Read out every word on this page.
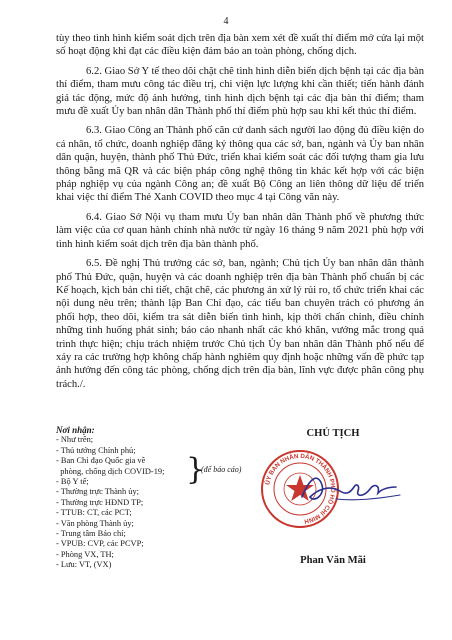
4

tùy theo tình hình kiểm soát dịch trên địa bàn xem xét đề xuất thí điểm mở cửa lại một số hoạt động khi đạt các điều kiện đảm bảo an toàn phòng, chống dịch.

6.2. Giao Sở Y tế theo dõi chặt chẽ tình hình diễn biến dịch bệnh tại các địa bàn thí điểm, tham mưu công tác điều trị, chi viện lực lượng khi cần thiết; tiến hành đánh giá tác động, mức độ ảnh hưởng, tình hình dịch bệnh tại các địa bàn thí điểm; tham mưu đề xuất Ủy ban nhân dân Thành phố thí điểm phù hợp sau khi kết thúc thí điểm.

6.3. Giao Công an Thành phố căn cứ danh sách người lao động đủ điều kiện do cá nhân, tổ chức, doanh nghiệp đăng ký thông qua các sở, ban, ngành và Ủy ban nhân dân quận, huyện, thành phố Thủ Đức, triển khai kiểm soát các đối tượng tham gia lưu thông bằng mã QR và các biện pháp công nghệ thông tin khác kết hợp với các biện pháp nghiệp vụ của ngành Công an; đề xuất Bộ Công an liên thông dữ liệu để triển khai việc thí điểm Thẻ Xanh COVID theo mục 4 tại Công văn này.

6.4. Giao Sở Nội vụ tham mưu Ủy ban nhân dân Thành phố về phương thức làm việc của cơ quan hành chính nhà nước từ ngày 16 tháng 9 năm 2021 phù hợp với tình hình kiểm soát dịch trên địa bàn thành phố.

6.5. Đề nghị Thủ trưởng các sở, ban, ngành; Chủ tịch Ủy ban nhân dân thành phố Thủ Đức, quận, huyện và các doanh nghiệp trên địa bàn Thành phố chuẩn bị các Kế hoạch, kịch bản chi tiết, chặt chẽ, các phương án xử lý rủi ro, tổ chức triển khai các nội dung nêu trên; thành lập Ban Chỉ đạo, các tiểu ban chuyên trách có phương án phối hợp, theo dõi, kiểm tra sát diễn biến tình hình, kịp thời chấn chỉnh, điều chỉnh những tình huống phát sinh; báo cáo nhanh nhất các khó khăn, vướng mắc trong quá trình thực hiện; chịu trách nhiệm trước Chủ tịch Ủy ban nhân dân Thành phố nếu để xảy ra các trường hợp không chấp hành nghiêm quy định hoặc những vấn đề phức tạp ảnh hưởng đến công tác phòng, chống dịch trên địa bàn, lĩnh vực được phân công phụ trách./.

Nơi nhận:
- Như trên;
- Thủ tướng Chính phủ;
- Ban Chỉ đạo Quốc gia về
phòng, chống dịch COVID-19; }
(để báo cáo)
- Bộ Y tế;
- Thường trực Thành ủy;
- Thường trực HĐND TP;
- TTUB: CT, các PCT;
- Văn phòng Thành ủy;
- Trung tâm Báo chí;
- VPUB: CVP, các PCVP;
- Phòng VX, TH;
- Lưu: VT, (VX)
CHỦ TỊCH
ỦY BAN NHÂN DÂN THÀNH PHỐ HỒ CHÍ MINH
Phan Văn Mãi
